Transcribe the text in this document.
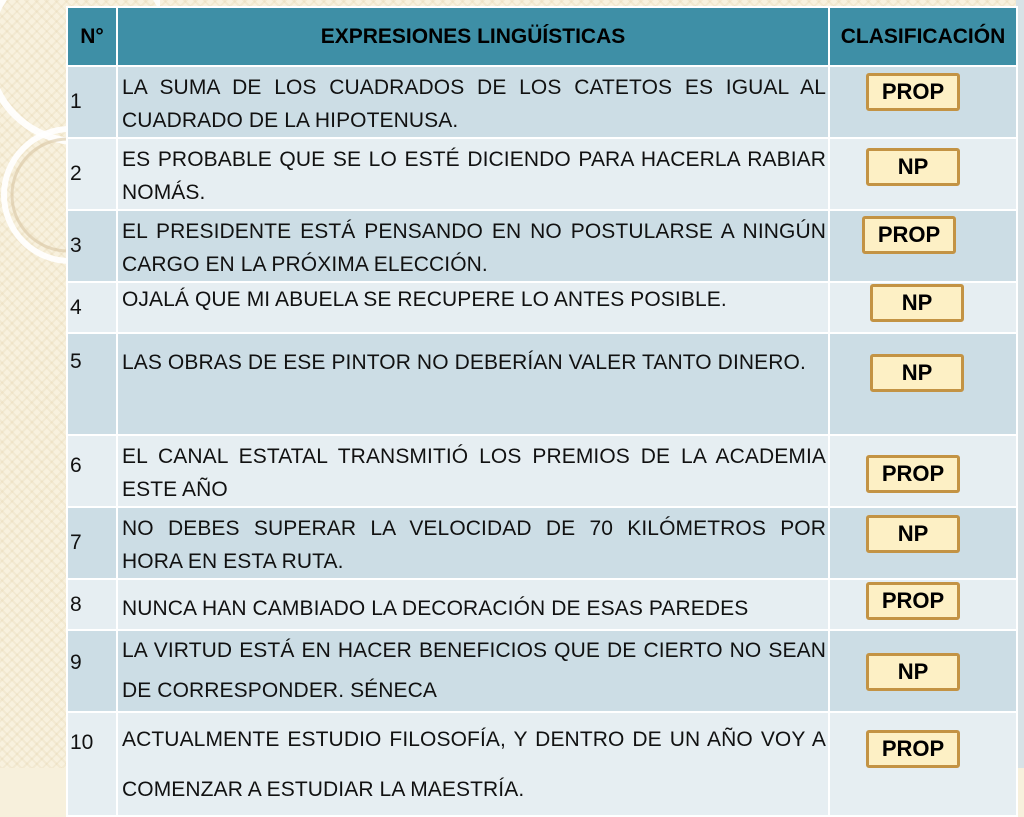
N°	EXPRESIONES LINGÜÍSTICAS	CLASIFICACIÓN
1	LA SUMA DE LOS CUADRADOS DE LOS CATETOS ES IGUAL AL CUADRADO DE LA HIPOTENUSA.	PROP

2	ES PROBABLE QUE SE LO ESTÉ DICIENDO PARA HACERLA RABIAR NOMÁS.	NP

3	EL PRESIDENTE ESTÁ PENSANDO EN NO POSTULARSE A NINGÚN CARGO EN LA PRÓXIMA ELECCIÓN.	PROP

4	OJALÁ QUE MI ABUELA SE RECUPERE LO ANTES POSIBLE.	NP

5	LAS OBRAS DE ESE PINTOR NO DEBERÍAN VALER TANTO DINERO.	NP

6	EL CANAL ESTATAL TRANSMITIÓ LOS PREMIOS DE LA ACADEMIA ESTE AÑO	PROP

7	NO DEBES SUPERAR LA VELOCIDAD DE 70 KILÓMETROS POR HORA EN ESTA RUTA.	NP

8	NUNCA HAN CAMBIADO LA DECORACIÓN DE ESAS PAREDES	PROP

9	LA VIRTUD ESTÁ EN HACER BENEFICIOS QUE DE CIERTO NO SEAN DE CORRESPONDER. SÉNECA	NP

10	ACTUALMENTE ESTUDIO FILOSOFÍA, Y DENTRO DE UN AÑO VOY A COMENZAR A ESTUDIAR LA MAESTRÍA.	PROP
